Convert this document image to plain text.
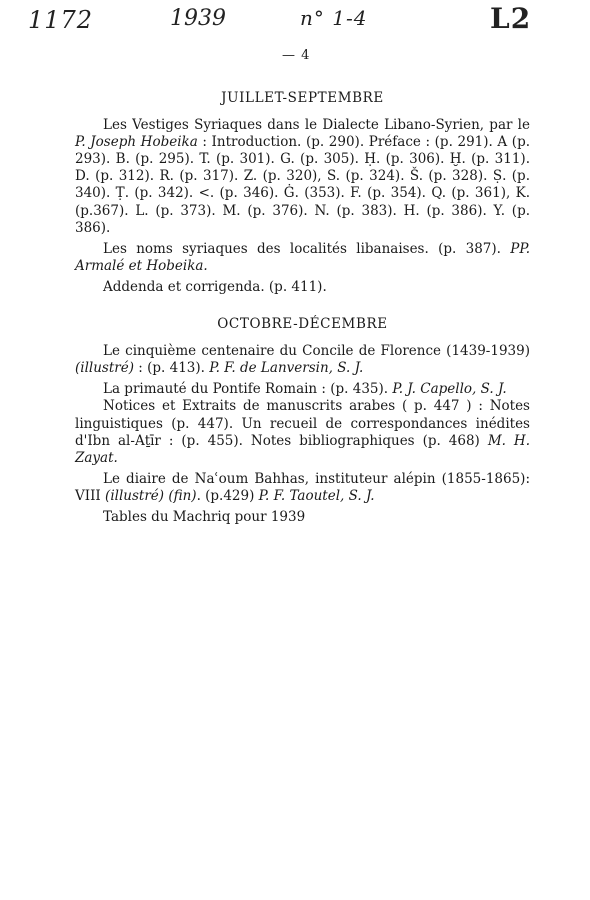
1172	1939	n° 1-4	L2
— 4
JUILLET-SEPTEMBRE

Les Vestiges Syriaques dans le Dialecte Libano-Syrien, par le P. Joseph Hobeika : Introduction. (p. 290). Préface : (p. 291). A (p. 293). B. (p. 295). T. (p. 301). G. (p. 305). Ḥ. (p. 306). Ḫ. (p. 311). D. (p. 312). R. (p. 317). Z. (p. 320), S. (p. 324). Š. (p. 328). Ṣ. (p. 340). Ṭ. (p. 342). <. (p. 346). Ġ. (353). F. (p. 354). Q. (p. 361), K. (p.367). L. (p. 373). M. (p. 376). N. (p. 383). H. (p. 386). Y. (p. 386).

Les noms syriaques des localités libanaises. (p. 387). PP. Armalé et Hobeika.

Addenda et corrigenda. (p. 411).

OCTOBRE-DÉCEMBRE

Le cinquième centenaire du Concile de Florence (1439-1939) (illustré) : (p. 413). P. F. de Lanversin, S. J.

La primauté du Pontife Romain : (p. 435). P. J. Capello, S. J.

Notices et Extraits de manuscrits arabes ( p. 447 ) : Notes linguistiques (p. 447). Un recueil de correspondances inédites d'Ibn al-Aṯīr : (p. 455). Notes bibliographiques (p. 468) M. H. Zayat.

Le diaire de Naʿoum Bahhas, instituteur alépin (1855-1865): VIII (illustré) (fin). (p.429) P. F. Taoutel, S. J.

Tables du Machriq pour 1939
